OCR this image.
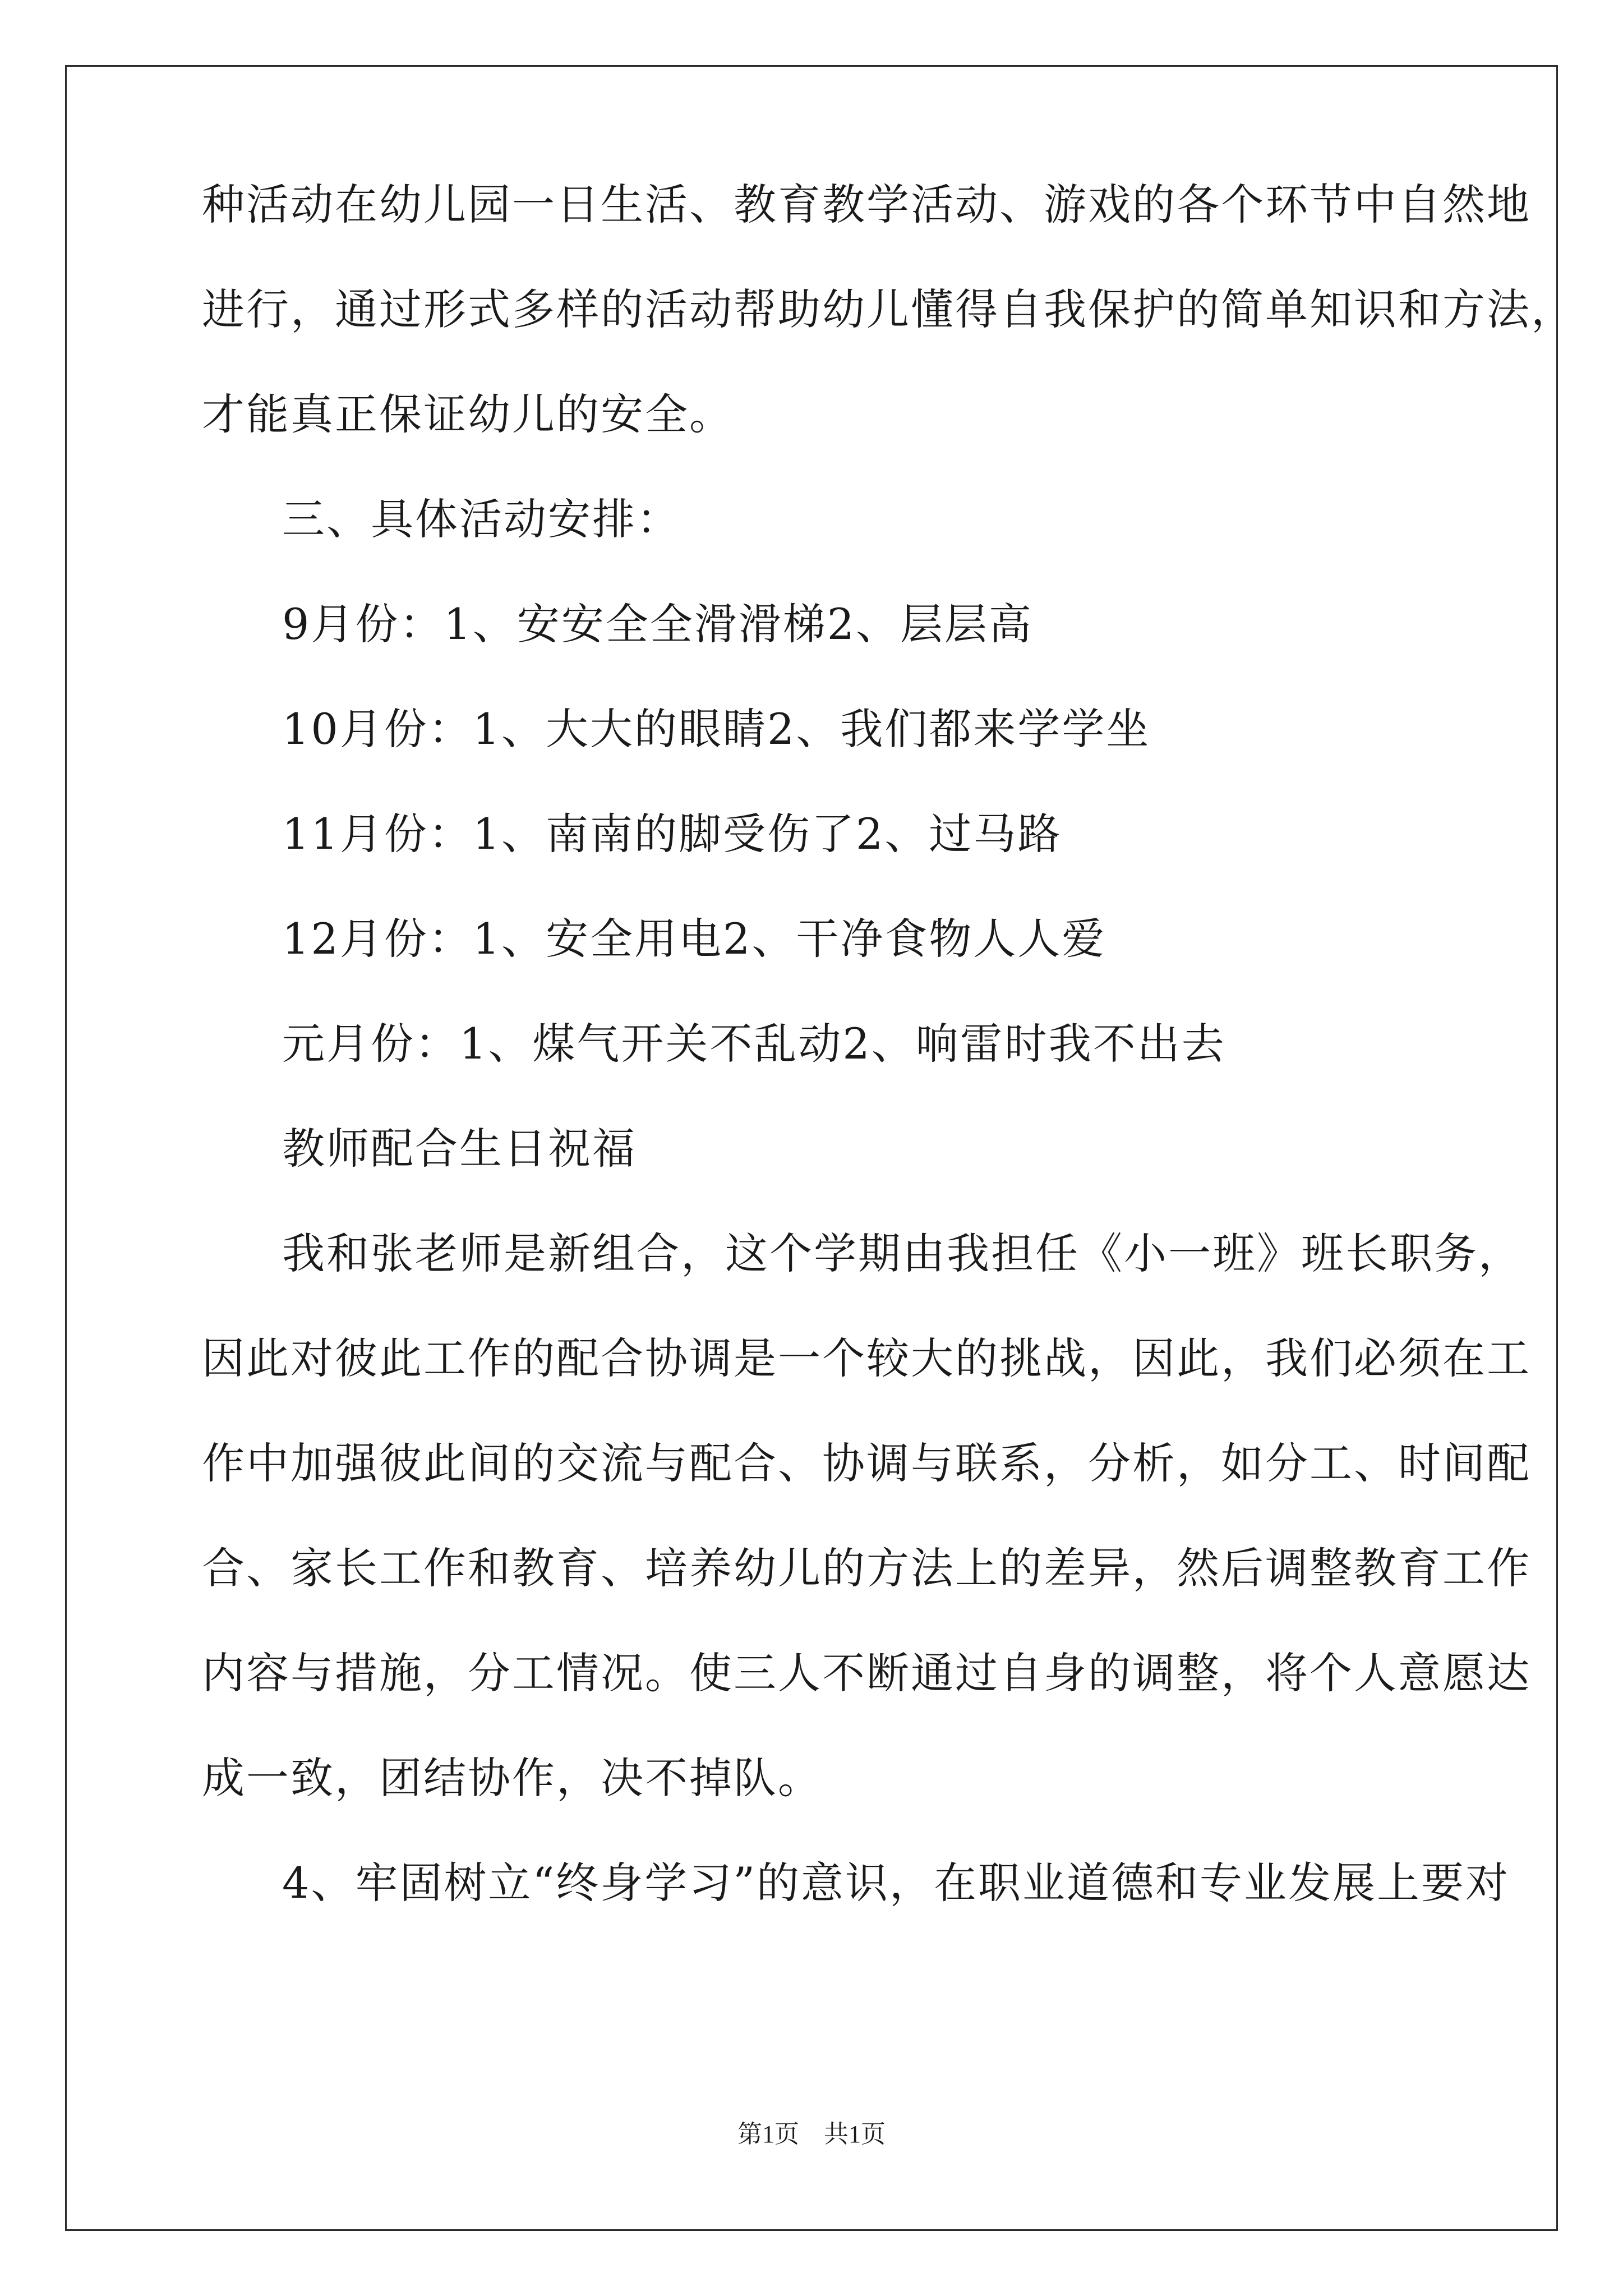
种活动在幼儿园一日生活、教育教学活动、游戏的各个环节中自然地
进行，通过形式多样的活动帮助幼儿懂得自我保护的简单知识和方法，
才能真正保证幼儿的安全。
三、具体活动安排：
9月份：1、安安全全滑滑梯2、层层高
10月份：1、大大的眼睛2、我们都来学学坐
11月份：1、南南的脚受伤了2、过马路
12月份：1、安全用电2、干净食物人人爱
元月份：1、煤气开关不乱动2、响雷时我不出去
教师配合生日祝福
我和张老师是新组合，这个学期由我担任《小一班》班长职务，
因此对彼此工作的配合协调是一个较大的挑战，因此，我们必须在工
作中加强彼此间的交流与配合、协调与联系，分析，如分工、时间配
合、家长工作和教育、培养幼儿的方法上的差异，然后调整教育工作
内容与措施，分工情况。使三人不断通过自身的调整，将个人意愿达
成一致，团结协作，决不掉队。
4、牢固树立“终身学习”的意识，在职业道德和专业发展上要对
第1页    共1页
